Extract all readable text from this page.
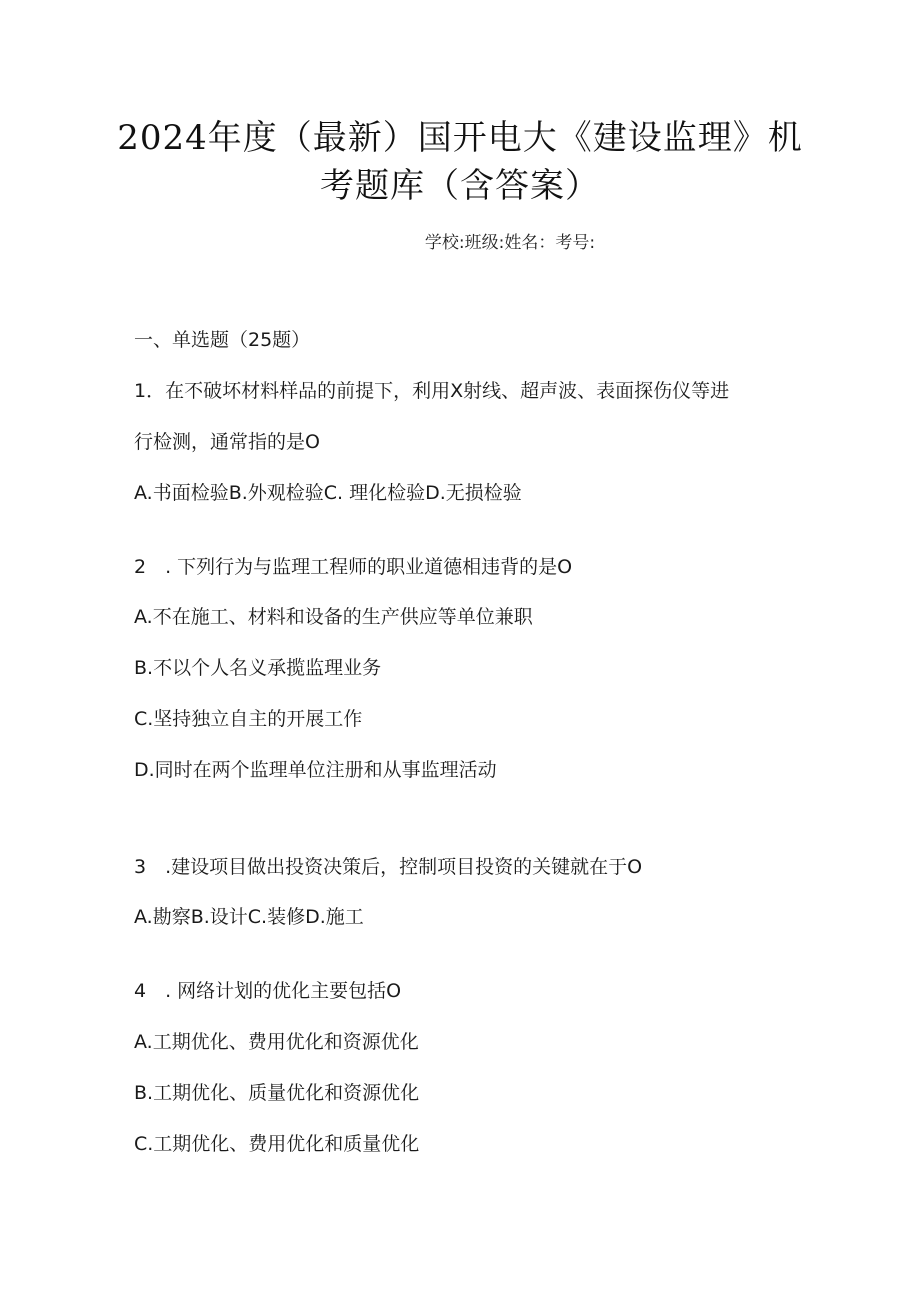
2024年度（最新）国开电大《建设监理》机
考题库（含答案）
学校:班级:姓名：考号:
一、单选题（25题）
1．在不破坏材料样品的前提下，利用X射线、超声波、表面探伤仪等进
行检测，通常指的是O
A.书面检验B.外观检验C. 理化检验D.无损检验
2　. 下列行为与监理工程师的职业道德相违背的是O
A.不在施工、材料和设备的生产供应等单位兼职
B.不以个人名义承揽监理业务
C.坚持独立自主的开展工作
D.同时在两个监理单位注册和从事监理活动
3　.建设项目做出投资决策后，控制项目投资的关键就在于O
A.勘察B.设计C.装修D.施工
4　. 网络计划的优化主要包括O
A.工期优化、费用优化和资源优化
B.工期优化、质量优化和资源优化
C.工期优化、费用优化和质量优化
